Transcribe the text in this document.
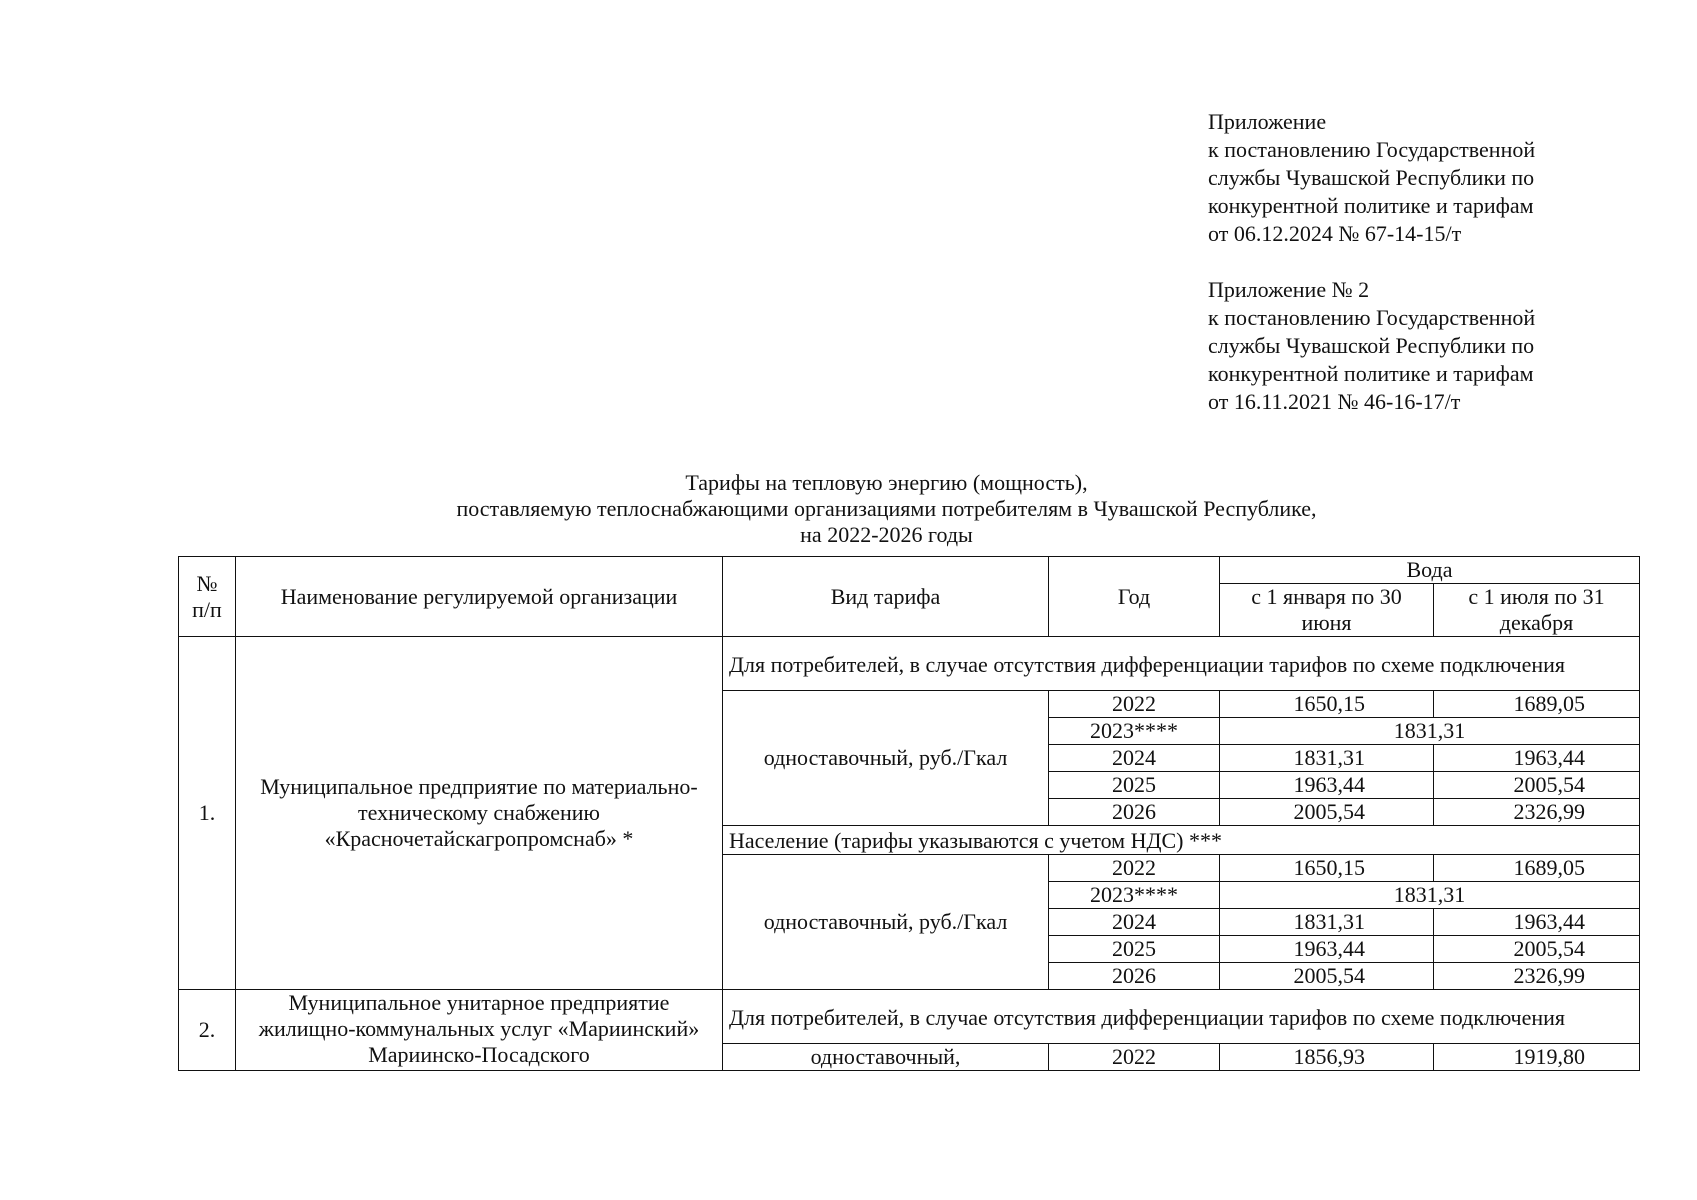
Приложение
к постановлению Государственной
службы Чувашской Республики по
конкурентной политике и тарифам
от 06.12.2024 № 67-14-15/т
Приложение № 2
к постановлению Государственной
службы Чувашской Республики по
конкурентной политике и тарифам
от 16.11.2021 № 46-16-17/т
Тарифы на тепловую энергию (мощность),
поставляемую теплоснабжающими организациями потребителям в Чувашской Республике,
на 2022-2026 годы
№ п/п	Наименование регулируемой организации	Вид тарифа	Год	Вода	
				с 1 января по 30 июня	с 1 июля по 31 декабря
1.	Муниципальное предприятие по материально-техническому снабжению «Красночетайскагропромснаб» *	Для потребителей, в случае отсутствия дифференциации тарифов по схеме подключения			
		одноставочный, руб./Гкал	2022	1650,15	1689,05
			2023****	1831,31	
			2024	1831,31	1963,44
			2025	1963,44	2005,54
			2026	2005,54	2326,99
		Население (тарифы указываются с учетом НДС) ***			
		одноставочный, руб./Гкал	2022	1650,15	1689,05
			2023****	1831,31	
			2024	1831,31	1963,44
			2025	1963,44	2005,54
			2026	2005,54	2326,99
2.	Муниципальное унитарное предприятие жилищно-коммунальных услуг «Мариинский» Мариинско-Посадского	Для потребителей, в случае отсутствия дифференциации тарифов по схеме подключения			
		одноставочный,	2022	1856,93	1919,80
